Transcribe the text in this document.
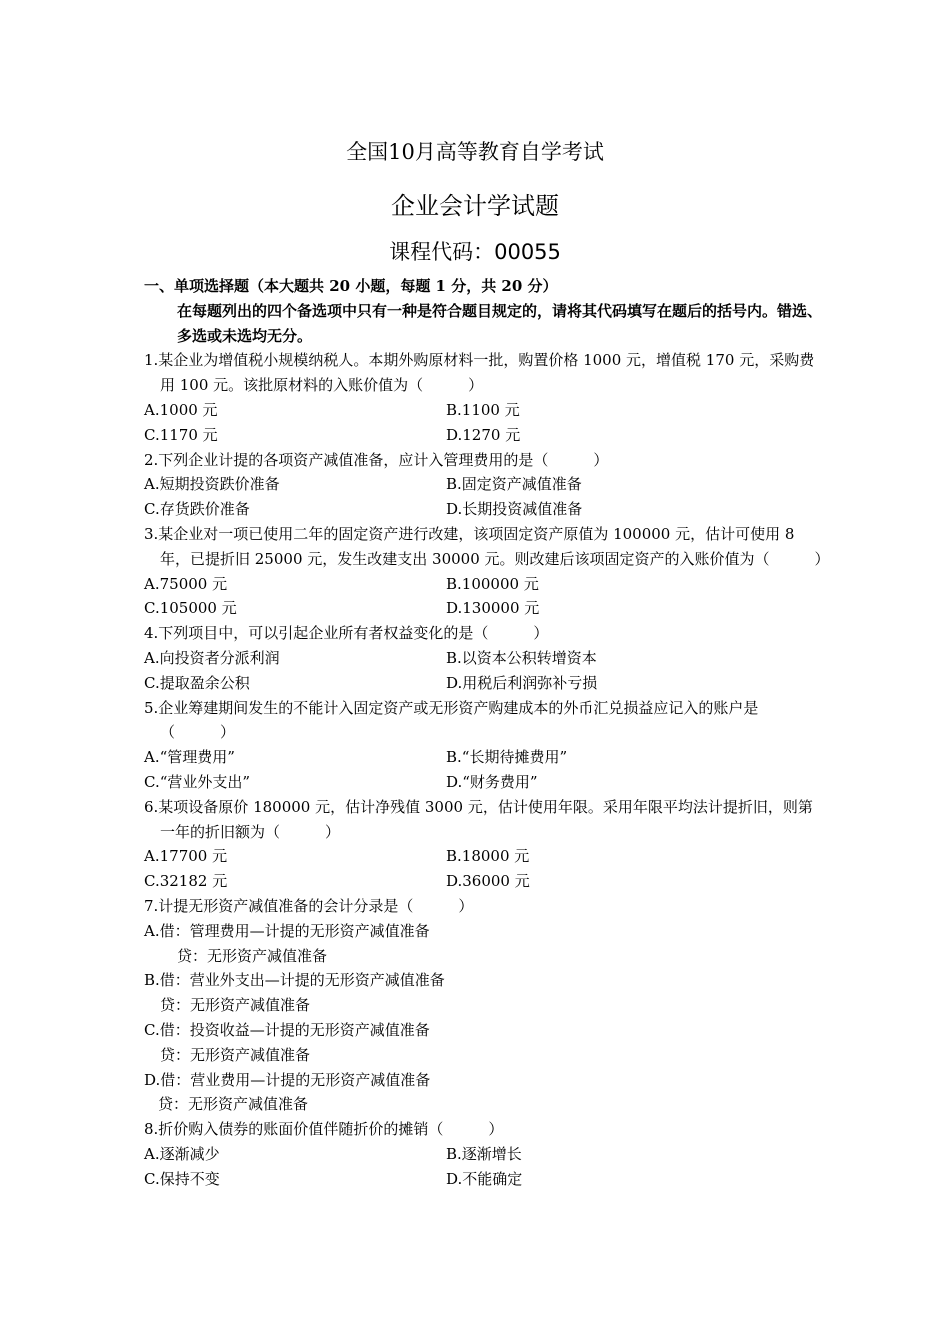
全国10月高等教育自学考试
企业会计学试题
课程代码：00055
一、单项选择题（本大题共 20 小题，每题 1 分，共 20 分）
在每题列出的四个备选项中只有一种是符合题目规定的，请将其代码填写在题后的括号内。错选、多选或未选均无分。
1.某企业为增值税小规模纳税人。本期外购原材料一批，购置价格 1000 元，增值税 170 元，采购费用 100 元。该批原材料的入账价值为（　　　）
A.1000 元	B.1100 元
C.1170 元	D.1270 元
2.下列企业计提的各项资产减值准备，应计入管理费用的是（　　　）
A.短期投资跌价准备	B.固定资产减值准备
C.存货跌价准备	D.长期投资减值准备
3.某企业对一项已使用二年的固定资产进行改建，该项固定资产原值为 100000 元，估计可使用 8 年，已提折旧 25000 元，发生改建支出 30000 元。则改建后该项固定资产的入账价值为（　　　）
A.75000 元	B.100000 元
C.105000 元	D.130000 元
4.下列项目中，可以引起企业所有者权益变化的是（　　　）
A.向投资者分派利润	B.以资本公积转增资本
C.提取盈余公积	D.用税后利润弥补亏损
5.企业筹建期间发生的不能计入固定资产或无形资产购建成本的外币汇兑损益应记入的账户是（　　　）
A.“管理费用”	B.“长期待摊费用”
C.“营业外支出”	D.“财务费用”
6.某项设备原价 180000 元，估计净残值 3000 元，估计使用年限。采用年限平均法计提折旧，则第一年的折旧额为（　　　）
A.17700 元	B.18000 元
C.32182 元	D.36000 元
7.计提无形资产减值准备的会计分录是（　　　）
A.借：管理费用—计提的无形资产减值准备
贷：无形资产减值准备
B.借：营业外支出—计提的无形资产减值准备
贷：无形资产减值准备
C.借：投资收益—计提的无形资产减值准备
贷：无形资产减值准备
D.借：营业费用—计提的无形资产减值准备
贷：无形资产减值准备
8.折价购入债券的账面价值伴随折价的摊销（　　　）
A.逐渐减少	B.逐渐增长
C.保持不变	D.不能确定
